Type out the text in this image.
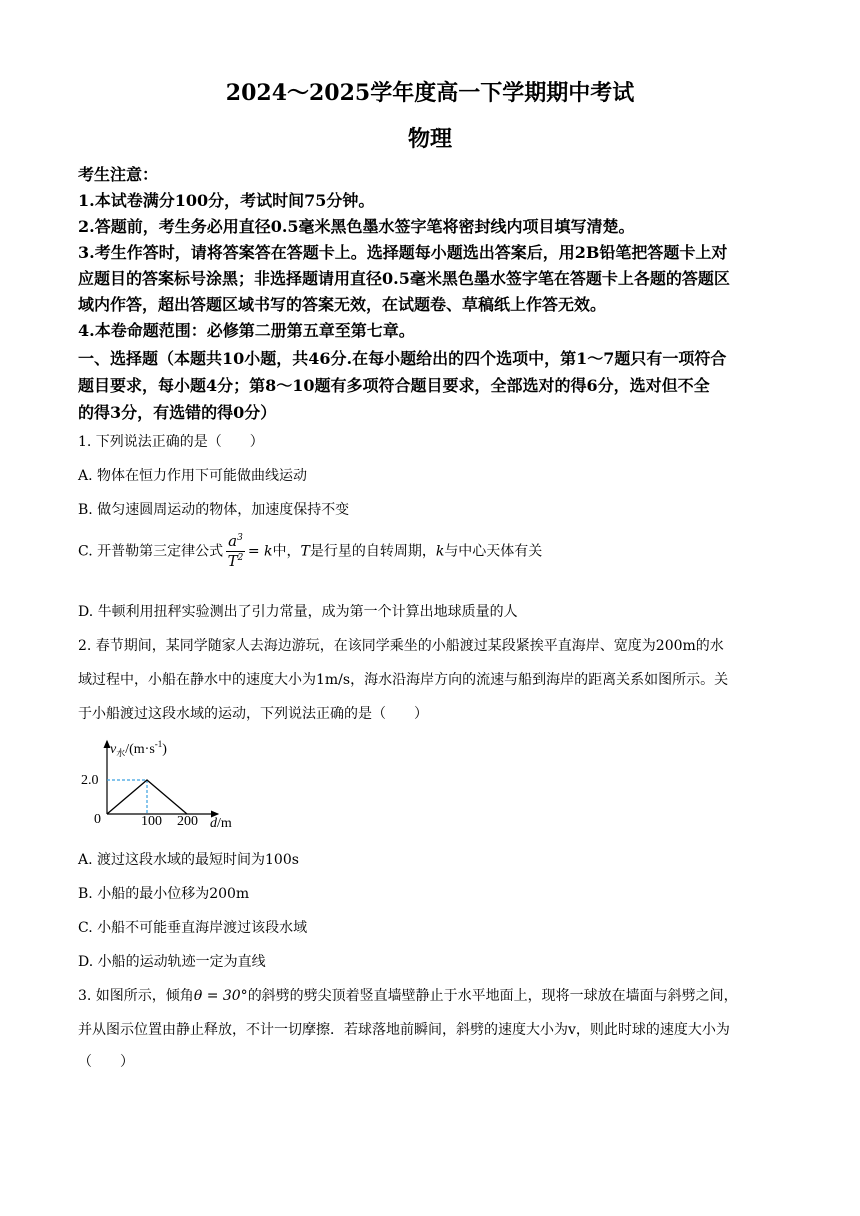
2024～2025学年度高一下学期期中考试
物理
考生注意：
1.本试卷满分100分，考试时间75分钟。
2.答题前，考生务必用直径0.5毫米黑色墨水签字笔将密封线内项目填写清楚。
3.考生作答时，请将答案答在答题卡上。选择题每小题选出答案后，用2B铅笔把答题卡上对
应题目的答案标号涂黑；非选择题请用直径0.5毫米黑色墨水签字笔在答题卡上各题的答题区
域内作答，超出答题区域书写的答案无效，在试题卷、草稿纸上作答无效。
4.本卷命题范围：必修第二册第五章至第七章。
一、选择题（本题共10小题，共46分.在每小题给出的四个选项中，第1～7题只有一项符合
题目要求，每小题4分；第8～10题有多项符合题目要求，全部选对的得6分，选对但不全
的得3分，有选错的得0分）
1. 下列说法正确的是（　　）
A. 物体在恒力作用下可能做曲线运动
B. 做匀速圆周运动的物体，加速度保持不变
C. 开普勒第三定律公式 $\frac{a^3}{T^2} = k$中，T是行星的自转周期，k与中心天体有关
D. 牛顿利用扭秤实验测出了引力常量，成为第一个计算出地球质量的人
2. 春节期间，某同学随家人去海边游玩，在该同学乘坐的小船渡过某段紧挨平直海岸、宽度为200m的水
域过程中，小船在静水中的速度大小为1m/s，海水沿海岸方向的流速与船到海岸的距离关系如图所示。关
于小船渡过这段水域的运动，下列说法正确的是（　　）
$v_水/(m\cdot s^{-1})$
2.0
0	100 200 d/m
A. 渡过这段水域的最短时间为100s
B. 小船的最小位移为200m
C. 小船不可能垂直海岸渡过该段水域
D. 小船的运动轨迹一定为直线
3. 如图所示，倾角θ = 30°的斜劈的劈尖顶着竖直墙壁静止于水平地面上，现将一球放在墙面与斜劈之间，
并从图示位置由静止释放，不计一切摩擦．若球落地前瞬间，斜劈的速度大小为v，则此时球的速度大小为
（　　）
